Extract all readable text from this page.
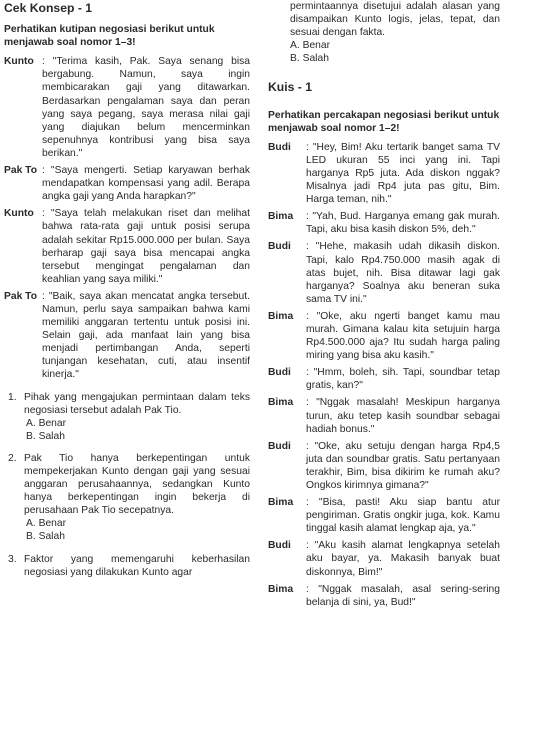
Cek Konsep - 1
Perhatikan kutipan negosiasi berikut untuk menjawab soal nomor 1–3!
Kunto : "Terima kasih, Pak. Saya senang bisa bergabung. Namun, saya ingin membicarakan gaji yang ditawarkan. Berdasarkan pengalaman saya dan peran yang saya pegang, saya merasa nilai gaji yang diajukan belum mencerminkan sepenuhnya kontribusi yang bisa saya berikan."
Pak To : "Saya mengerti. Setiap karyawan berhak mendapatkan kompensasi yang adil. Berapa angka gaji yang Anda harapkan?"
Kunto : "Saya telah melakukan riset dan melihat bahwa rata-rata gaji untuk posisi serupa adalah sekitar Rp15.000.000 per bulan. Saya berharap gaji saya bisa mencapai angka tersebut mengingat pengalaman dan keahlian yang saya miliki."
Pak To : "Baik, saya akan mencatat angka tersebut. Namun, perlu saya sampaikan bahwa kami memiliki anggaran tertentu untuk posisi ini. Selain gaji, ada manfaat lain yang bisa menjadi pertimbangan Anda, seperti tunjangan kesehatan, cuti, atau insentif kinerja."
1. Pihak yang mengajukan permintaan dalam teks negosiasi tersebut adalah Pak Tio.
A. Benar
B. Salah
2. Pak Tio hanya berkepentingan untuk mempekerjakan Kunto dengan gaji yang sesuai anggaran perusahaannya, sedangkan Kunto hanya berkepentingan ingin bekerja di perusahaan Pak Tio secepatnya.
A. Benar
B. Salah
3. Faktor yang memengaruhi keberhasilan negosiasi yang dilakukan Kunto agar
permintaannya disetujui adalah alasan yang disampaikan Kunto logis, jelas, tepat, dan sesuai dengan fakta.
A. Benar
B. Salah
Kuis - 1
Perhatikan percakapan negosiasi berikut untuk menjawab soal nomor 1–2!
Budi	: "Hey, Bim! Aku tertarik banget sama TV LED ukuran 55 inci yang ini. Tapi harganya Rp5 juta. Ada diskon nggak? Misalnya jadi Rp4 juta pas gitu, Bim. Harga teman, nih."
Bima	: "Yah, Bud. Harganya emang gak murah. Tapi, aku bisa kasih diskon 5%, deh."
Budi	: "Hehe, makasih udah dikasih diskon. Tapi, kalo Rp4.750.000 masih agak di atas bujet, nih. Bisa ditawar lagi gak harganya? Soalnya aku beneran suka sama TV ini."
Bima	: "Oke, aku ngerti banget kamu mau murah. Gimana kalau kita setujuin harga Rp4.500.000 aja? Itu sudah harga paling miring yang bisa aku kasih."
Budi	: "Hmm, boleh, sih. Tapi, soundbar tetap gratis, kan?"
Bima	: "Nggak masalah! Meskipun harganya turun, aku tetep kasih soundbar sebagai hadiah bonus."
Budi	: "Oke, aku setuju dengan harga Rp4,5 juta dan soundbar gratis. Satu pertanyaan terakhir, Bim, bisa dikirim ke rumah aku? Ongkos kirimnya gimana?"
Bima	: "Bisa, pasti! Aku siap bantu atur pengiriman. Gratis ongkir juga, kok. Kamu tinggal kasih alamat lengkap aja, ya."
Budi	: "Aku kasih alamat lengkapnya setelah aku bayar, ya. Makasih banyak buat diskonnya, Bim!"
Bima	: "Nggak masalah, asal sering-sering belanja di sini, ya, Bud!"
